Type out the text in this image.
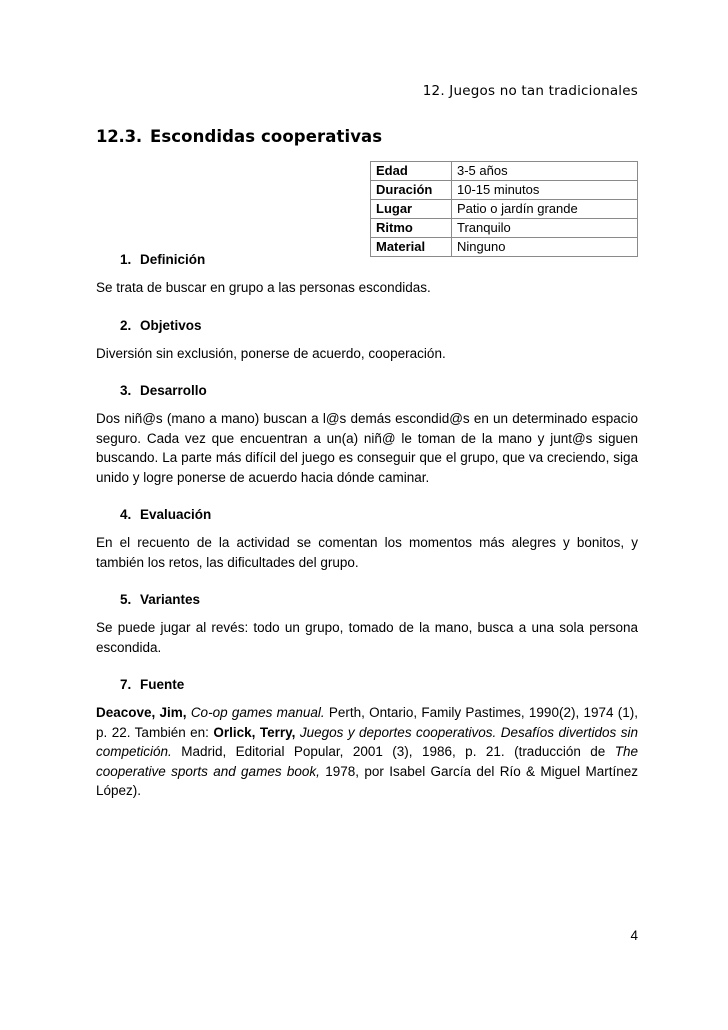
12. Juegos no tan tradicionales
12.3. Escondidas cooperativas
Edad	3-5 años
Duración	10-15 minutos
Lugar	Patio o jardín grande
Ritmo	Tranquilo
Material	Ninguno
1. Definición

Se trata de buscar en grupo a las personas escondidas.

2. Objetivos

Diversión sin exclusión, ponerse de acuerdo, cooperación.

3. Desarrollo

Dos niñ@s (mano a mano) buscan a l@s demás escondid@s en un determinado espacio seguro. Cada vez que encuentran a un(a) niñ@ le toman de la mano y junt@s siguen buscando. La parte más difícil del juego es conseguir que el grupo, que va creciendo, siga unido y logre ponerse de acuerdo hacia dónde caminar.

4. Evaluación

En el recuento de la actividad se comentan los momentos más alegres y bonitos, y también los retos, las dificultades del grupo.

5. Variantes

Se puede jugar al revés: todo un grupo, tomado de la mano, busca a una sola persona escondida.

7. Fuente

Deacove, Jim, Co-op games manual. Perth, Ontario, Family Pastimes, 1990(2), 1974 (1), p. 22. También en: Orlick, Terry, Juegos y deportes cooperativos. Desafíos divertidos sin competición. Madrid, Editorial Popular, 2001 (3), 1986, p. 21. (traducción de The cooperative sports and games book, 1978, por Isabel García del Río & Miguel Martínez López).

4
